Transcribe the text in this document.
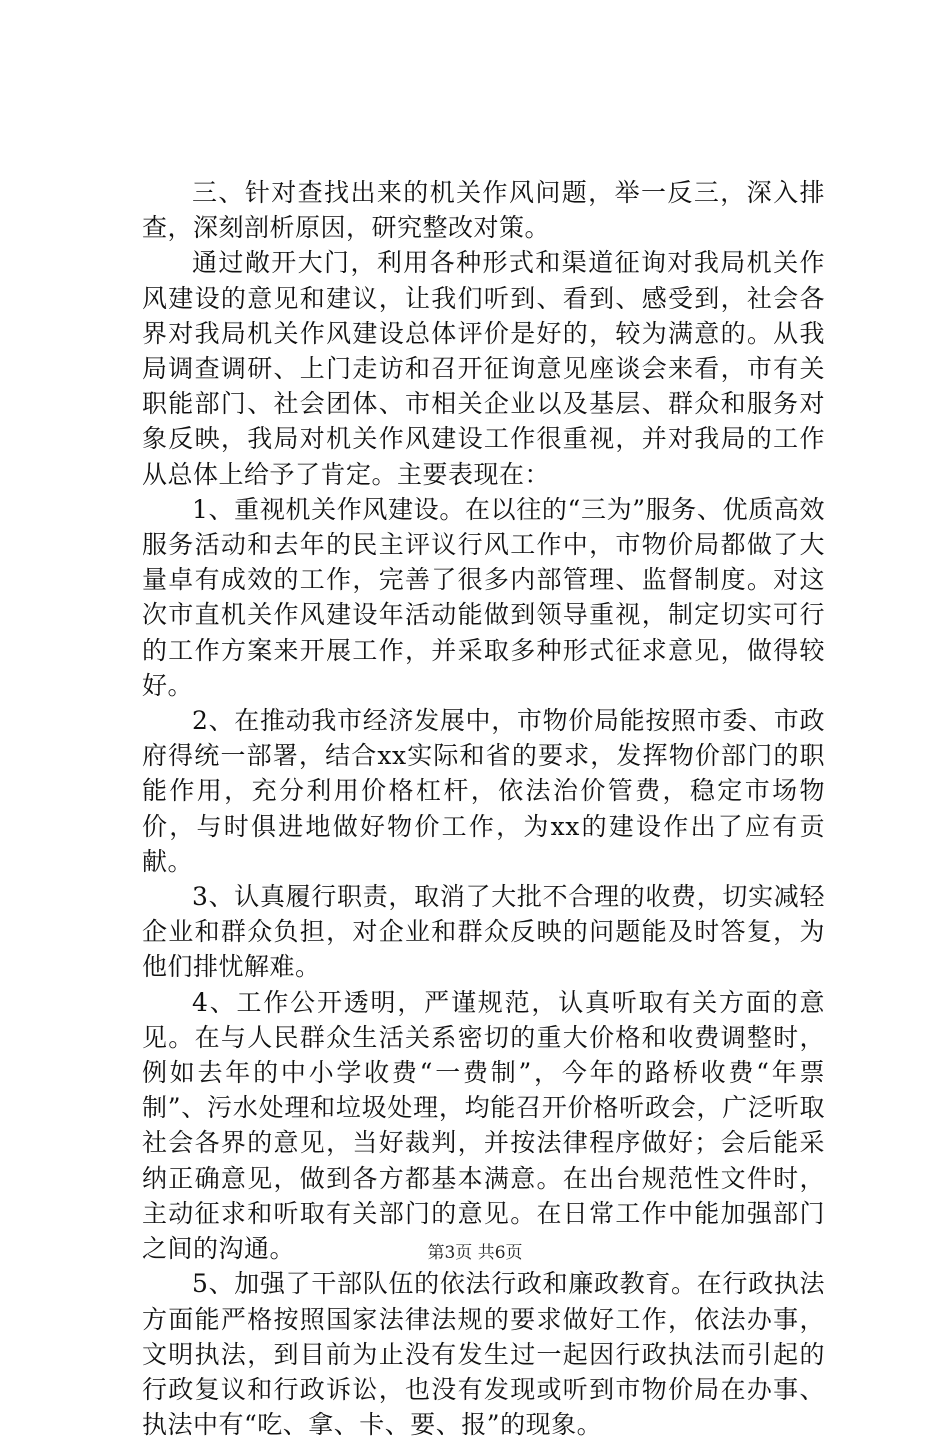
三、针对查找出来的机关作风问题，举一反三，深入排查，深刻剖析原因，研究整改对策。

通过敞开大门，利用各种形式和渠道征询对我局机关作风建设的意见和建议，让我们听到、看到、感受到，社会各界对我局机关作风建设总体评价是好的，较为满意的。从我局调查调研、上门走访和召开征询意见座谈会来看，市有关职能部门、社会团体、市相关企业以及基层、群众和服务对象反映，我局对机关作风建设工作很重视，并对我局的工作从总体上给予了肯定。主要表现在：

1、重视机关作风建设。在以往的“三为”服务、优质高效服务活动和去年的民主评议行风工作中，市物价局都做了大量卓有成效的工作，完善了很多内部管理、监督制度。对这次市直机关作风建设年活动能做到领导重视，制定切实可行的工作方案来开展工作，并采取多种形式征求意见，做得较好。

2、在推动我市经济发展中，市物价局能按照市委、市政府得统一部署，结合xx实际和省的要求，发挥物价部门的职能作用，充分利用价格杠杆，依法治价管费，稳定市场物价，与时俱进地做好物价工作，为xx的建设作出了应有贡献。

3、认真履行职责，取消了大批不合理的收费，切实减轻企业和群众负担，对企业和群众反映的问题能及时答复，为他们排忧解难。

4、工作公开透明，严谨规范，认真听取有关方面的意见。在与人民群众生活关系密切的重大价格和收费调整时，例如去年的中小学收费“一费制”，今年的路桥收费“年票制”、污水处理和垃圾处理，均能召开价格听政会，广泛听取社会各界的意见，当好裁判，并按法律程序做好；会后能采纳正确意见，做到各方都基本满意。在出台规范性文件时，主动征求和听取有关部门的意见。在日常工作中能加强部门之间的沟通。

5、加强了干部队伍的依法行政和廉政教育。在行政执法方面能严格按照国家法律法规的要求做好工作，依法办事，文明执法，到目前为止没有发生过一起因行政执法而引起的行政复议和行政诉讼，也没有发现或听到市物价局在办事、执法中有“吃、拿、卡、要、报”的现象。

第3页 共6页
